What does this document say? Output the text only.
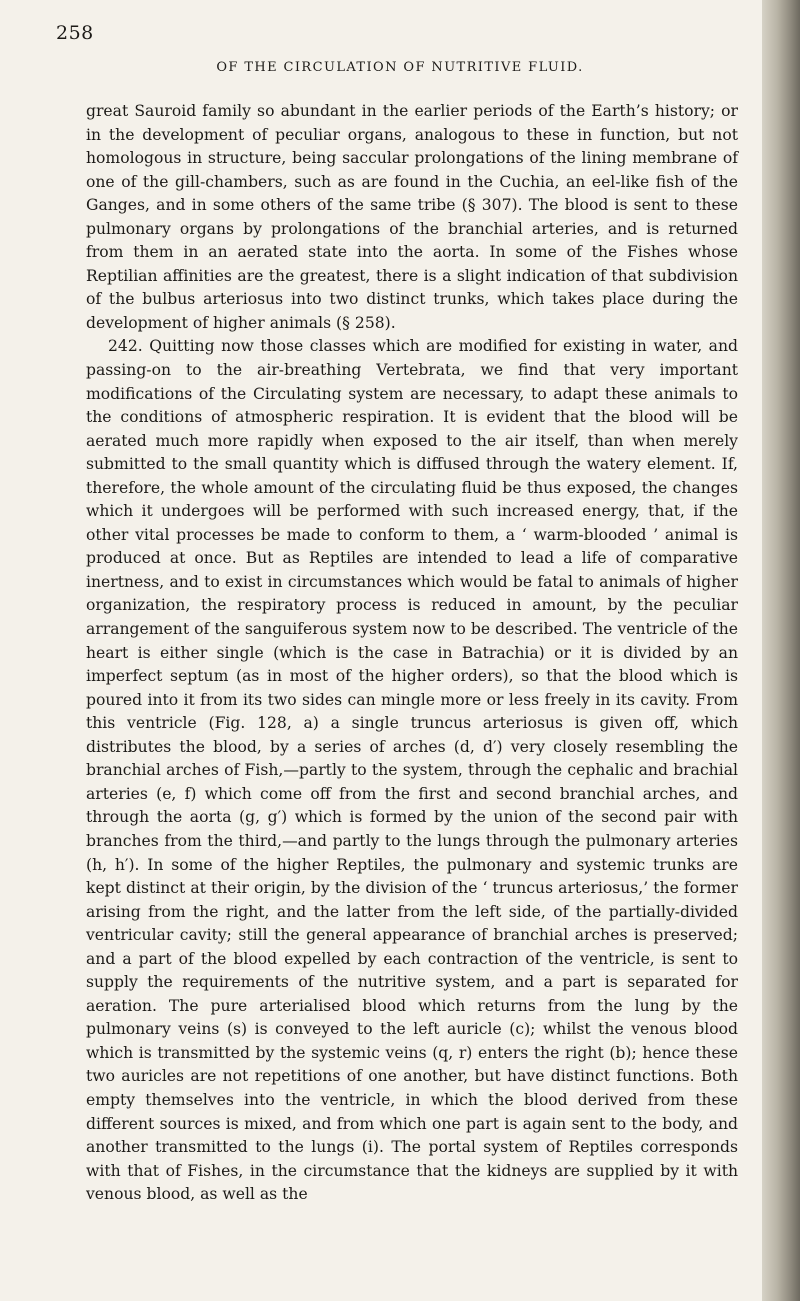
258
OF THE CIRCULATION OF NUTRITIVE FLUID.

great Sauroid family so abundant in the earlier periods of the Earth’s history; or in the development of peculiar organs, analogous to these in function, but not homologous in structure, being saccular prolongations of the lining membrane of one of the gill-chambers, such as are found in the Cuchia, an eel-like fish of the Ganges, and in some others of the same tribe (§ 307). The blood is sent to these pulmonary organs by prolongations of the branchial arteries, and is returned from them in an aerated state into the aorta. In some of the Fishes whose Reptilian affinities are the greatest, there is a slight indication of that subdivision of the bulbus arteriosus into two distinct trunks, which takes place during the development of higher animals (§ 258).

242. Quitting now those classes which are modified for existing in water, and passing-on to the air-breathing Vertebrata, we find that very important modifications of the Circulating system are necessary, to adapt these animals to the conditions of atmospheric respiration. It is evident that the blood will be aerated much more rapidly when exposed to the air itself, than when merely submitted to the small quantity which is diffused through the watery element. If, therefore, the whole amount of the circulating fluid be thus exposed, the changes which it undergoes will be performed with such increased energy, that, if the other vital processes be made to conform to them, a ‘ warm-blooded ’ animal is produced at once. But as Reptiles are intended to lead a life of comparative inertness, and to exist in circumstances which would be fatal to animals of higher organization, the respiratory process is reduced in amount, by the peculiar arrangement of the sanguiferous system now to be described. The ventricle of the heart is either single (which is the case in Batrachia) or it is divided by an imperfect septum (as in most of the higher orders), so that the blood which is poured into it from its two sides can mingle more or less freely in its cavity. From this ventricle (Fig. 128, a) a single truncus arteriosus is given off, which distributes the blood, by a series of arches (d, d′) very closely resembling the branchial arches of Fish,—partly to the system, through the cephalic and brachial arteries (e, f) which come off from the first and second branchial arches, and through the aorta (g, g′) which is formed by the union of the second pair with branches from the third,—and partly to the lungs through the pulmonary arteries (h, h′). In some of the higher Reptiles, the pulmonary and systemic trunks are kept distinct at their origin, by the division of the ‘ truncus arteriosus,’ the former arising from the right, and the latter from the left side, of the partially-divided ventricular cavity; still the general appearance of branchial arches is preserved; and a part of the blood expelled by each contraction of the ventricle, is sent to supply the requirements of the nutritive system, and a part is separated for aeration. The pure arterialised blood which returns from the lung by the pulmonary veins (s) is conveyed to the left auricle (c); whilst the venous blood which is transmitted by the systemic veins (q, r) enters the right (b); hence these two auricles are not repetitions of one another, but have distinct functions. Both empty themselves into the ventricle, in which the blood derived from these different sources is mixed, and from which one part is again sent to the body, and another transmitted to the lungs (i). The portal system of Reptiles corresponds with that of Fishes, in the circumstance that the kidneys are supplied by it with venous blood, as well as the
